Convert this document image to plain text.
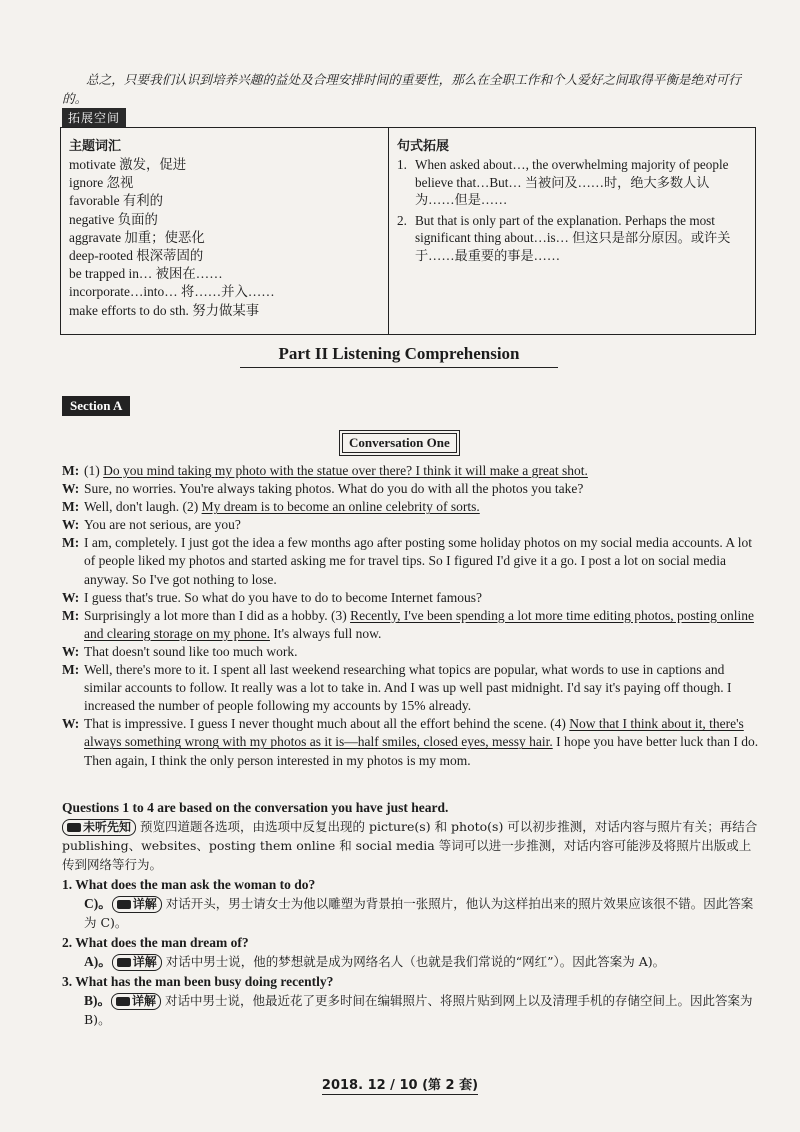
总之，只要我们认识到培养兴趣的益处及合理安排时间的重要性，那么在全职工作和个人爱好之间取得平衡是绝对可行的。
拓展空间
主题词汇
motivate 激发，促进
ignore 忽视
favorable 有利的
negative 负面的
aggravate 加重；使恶化
deep-rooted 根深蒂固的
be trapped in… 被困在……
incorporate…into… 将……并入……
make efforts to do sth. 努力做某事
句式拓展
1. When asked about…, the overwhelming majority of people believe that…But… 当被问及……时，绝大多数人认为……但是……
2. But that is only part of the explanation. Perhaps the most significant thing about…is… 但这只是部分原因。或许关于……最重要的事是……
Part II Listening Comprehension
Section A
Conversation One
M: (1) Do you mind taking my photo with the statue over there? I think it will make a great shot.
W: Sure, no worries. You're always taking photos. What do you do with all the photos you take?
M: Well, don't laugh. (2) My dream is to become an online celebrity of sorts.
W: You are not serious, are you?
M: I am, completely. I just got the idea a few months ago after posting some holiday photos on my social media accounts. A lot of people liked my photos and started asking me for travel tips. So I figured I'd give it a go. I post a lot on social media anyway. So I've got nothing to lose.
W: I guess that's true. So what do you have to do to become Internet famous?
M: Surprisingly a lot more than I did as a hobby. (3) Recently, I've been spending a lot more time editing photos, posting online and clearing storage on my phone. It's always full now.
W: That doesn't sound like too much work.
M: Well, there's more to it. I spent all last weekend researching what topics are popular, what words to use in captions and similar accounts to follow. It really was a lot to take in. And I was up well past midnight. I'd say it's paying off though. I increased the number of people following my accounts by 15% already.
W: That is impressive. I guess I never thought much about all the effort behind the scene. (4) Now that I think about it, there's always something wrong with my photos as it is—half smiles, closed eyes, messy hair. I hope you have better luck than I do. Then again, I think the only person interested in my photos is my mom.
Questions 1 to 4 are based on the conversation you have just heard.
未听先知 预览四道题各选项，由选项中反复出现的 picture(s) 和 photo(s) 可以初步推测，对话内容与照片有关；再结合 publishing、websites、posting them online 和 social media 等词可以进一步推测，对话内容可能涉及将照片出版或上传到网络等行为。
1. What does the man ask the woman to do?
C)。 详解 对话开头，男士请女士为他以雕塑为背景拍一张照片，他认为这样拍出来的照片效果应该很不错。因此答案为 C)。
2. What does the man dream of?
A)。 详解 对话中男士说，他的梦想就是成为网络名人（也就是我们常说的“网红”）。因此答案为 A)。
3. What has the man been busy doing recently?
B)。 详解 对话中男士说，他最近花了更多时间在编辑照片、将照片贴到网上以及清理手机的存储空间上。因此答案为 B)。
2018. 12 / 10 (第 2 套)
